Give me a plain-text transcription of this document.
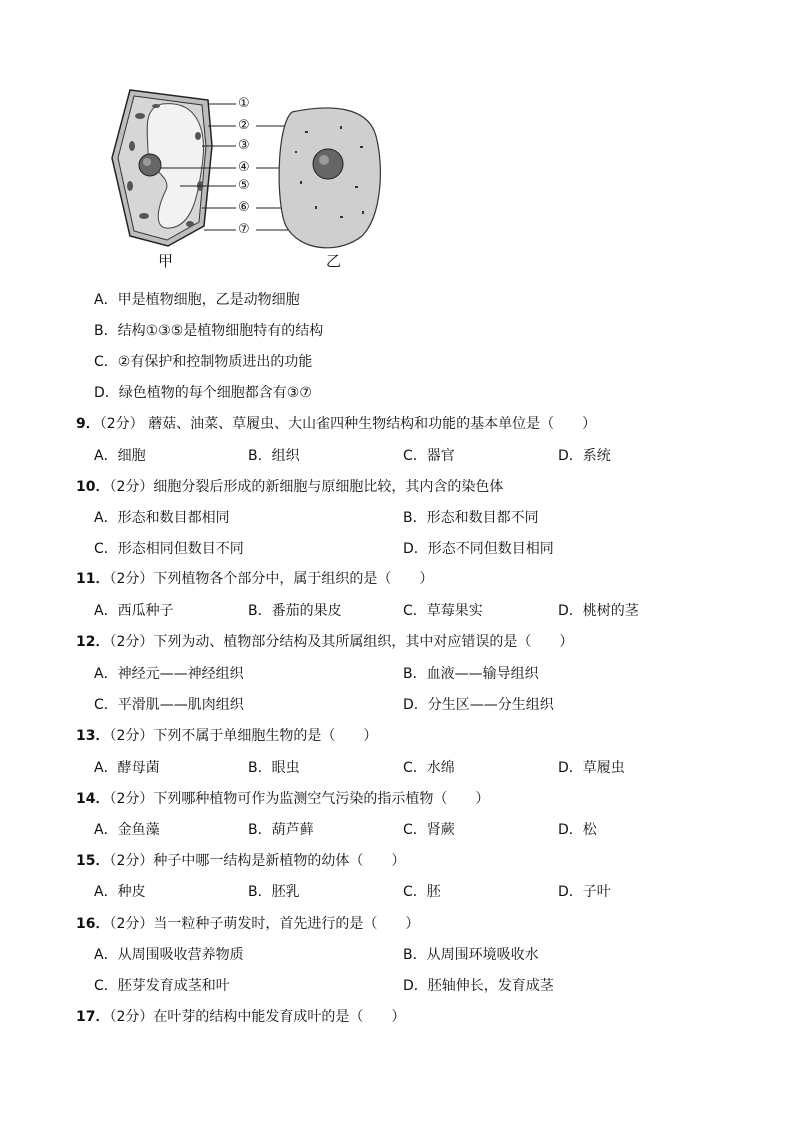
①
②
③
④
⑤
⑥
⑦
甲	乙
A．甲是植物细胞，乙是动物细胞
B．结构①③⑤是植物细胞特有的结构
C．②有保护和控制物质进出的功能
D．绿色植物的每个细胞都含有③⑦
9．（2分） 蘑菇、油菜、草履虫、大山雀四种生物结构和功能的基本单位是（　　）
A．细胞	B．组织	C．器官	D．系统
10．（2分）细胞分裂后形成的新细胞与原细胞比较，其内含的染色体
A．形态和数目都相同	B．形态和数目都不同
C．形态相同但数目不同	D．形态不同但数目相同
11．（2分）下列植物各个部分中，属于组织的是（　　）
A．西瓜种子	B．番茄的果皮	C．草莓果实	D．桃树的茎
12．（2分）下列为动、植物部分结构及其所属组织，其中对应错误的是（　　）
A．神经元——神经组织	B．血液——输导组织
C．平滑肌——肌肉组织	D．分生区——分生组织
13．（2分）下列不属于单细胞生物的是（　　）
A．酵母菌	B．眼虫	C．水绵	D．草履虫
14．（2分）下列哪种植物可作为监测空气污染的指示植物（　　）
A．金鱼藻	B．葫芦藓	C．肾蕨	D．松
15．（2分）种子中哪一结构是新植物的幼体（　　）
A．种皮	B．胚乳	C．胚	D．子叶
16．（2分）当一粒种子萌发时，首先进行的是（　　）
A．从周围吸收营养物质	B．从周围环境吸收水
C．胚芽发育成茎和叶	D．胚轴伸长，发育成茎
17．（2分）在叶芽的结构中能发育成叶的是（　　）
